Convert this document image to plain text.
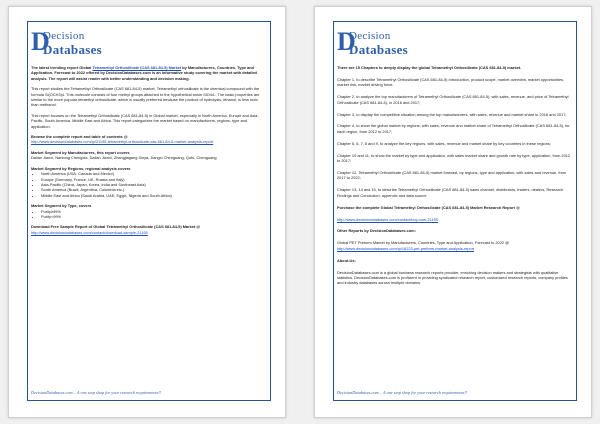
D
Decision
Databases

The latest trending report Global Tetramethyl Orthosilicate (CAS 681-84-5) Market by Manufacturers, Countries, Type and Application, Forecast to 2022 offered by DecisionDatabases.com is an informative study covering the market with detailed analysis. The report will assist reader with better understanding and decision making.

This report studies the Tetramethyl Orthosilicate (CAS 681-84-5) market, Tetramethyl orthosilicate is the chemical compound with the formula Si(OCH3)4. This molecule consists of four methyl groups attached to the hypothetical anion SiO44-. The basic properties are similar to the more popular tetraethyl orthosilicate, which is usually preferred because the product of hydrolysis, ethanol, is less toxic than methanol.

This report focuses on the Tetramethyl Orthosilicate (CAS 681-84-5) in Global market, especially in North America, Europe and Asia-Pacific, South America, Middle East and Africa. This report categorizes the market based on manufacturers, regions, type and application.

Browse the complete report and table of contents @

http://www.decisiondatabases.com/ip/21195-tetramethyl-orthosilicate-cas-681-84-5-market-analysis-report

Market Segment by Manufacturers, this report covers

Dalian Jianxi, Nantong Chengxia, Dalian Jianxi, Zhangjiagang Xinya, Jiangxi Chenguang, Qufu, Chenguang

Market Segment by Regions, regional analysis covers

• North America (USA, Canada and Mexico)
• Europe (Germany, France, UK, Russia and Italy)
• Asia-Pacific (China, Japan, Korea, India and Southeast Asia)
• South America (Brazil, Argentina, Columbia etc.)
• Middle East and Africa (Saudi Arabia, UAE, Egypt, Nigeria and South Africa)

Market Segment by Type, covers

• Purity≥99%
• Purity<99%

Download Free Sample Report of Global Tetramethyl Orthosilicate (CAS 681-84-5) Market @

http://www.decisiondatabases.com/contact/download-sample-21195

DecisionDatabases.com – A one stop shop for your research requirements!!
D
Decision
Databases

There are 15 Chapters to deeply display the global Tetramethyl Orthosilicate (CAS 681-84-5) market.

Chapter 1, to describe Tetramethyl Orthosilicate (CAS 681-84-5) Introduction, product scope, market overview, market opportunities, market risk, market driving force;

Chapter 2, to analyze the top manufacturers of Tetramethyl Orthosilicate (CAS 681-84-5), with sales, revenue, and price of Tetramethyl Orthosilicate (CAS 681-84-5), in 2016 and 2017;

Chapter 3, to display the competitive situation among the top manufacturers, with sales, revenue and market share in 2016 and 2017;

Chapter 4, to show the global market by regions, with sales, revenue and market share of Tetramethyl Orthosilicate (CAS 681-84-5), for each region, from 2012 to 2017;

Chapter 5, 6, 7, 8 and 9, to analyze the key regions, with sales, revenue and market share by key countries in these regions;

Chapter 10 and 11, to show the market by type and application, with sales market share and growth rate by type, application, from 2012 to 2017;

Chapter 12, Tetramethyl Orthosilicate (CAS 681-84-5) market forecast, by regions, type and application, with sales and revenue, from 2017 to 2022;

Chapter 13, 14 and 15, to describe Tetramethyl Orthosilicate (CAS 681-84-5) sales channel, distributors, traders, dealers, Research Findings and Conclusion, appendix and data source

Purchase the complete Global Tetramethyl Orthosilicate (CAS 681-84-5) Market Research Report @

http://www.decisiondatabases.com/contact/buy-now-21195

Other Reports by DecisionDatabases.com:

Global PET Preform Market by Manufacturers, Countries, Type and Application, Forecast to 2022 @

http://www.decisiondatabases.com/ip/18223-pet-preform-market-analysis-report

About-Us:

DecisionDatabases.com is a global business research reports provider, enriching decision makers and strategists with qualitative statistics. DecisionDatabases.com is proficient in providing syndicated research report, customized research reports, company profiles and industry databases across multiple domains.

DecisionDatabases.com – A one stop shop for your research requirements!!
